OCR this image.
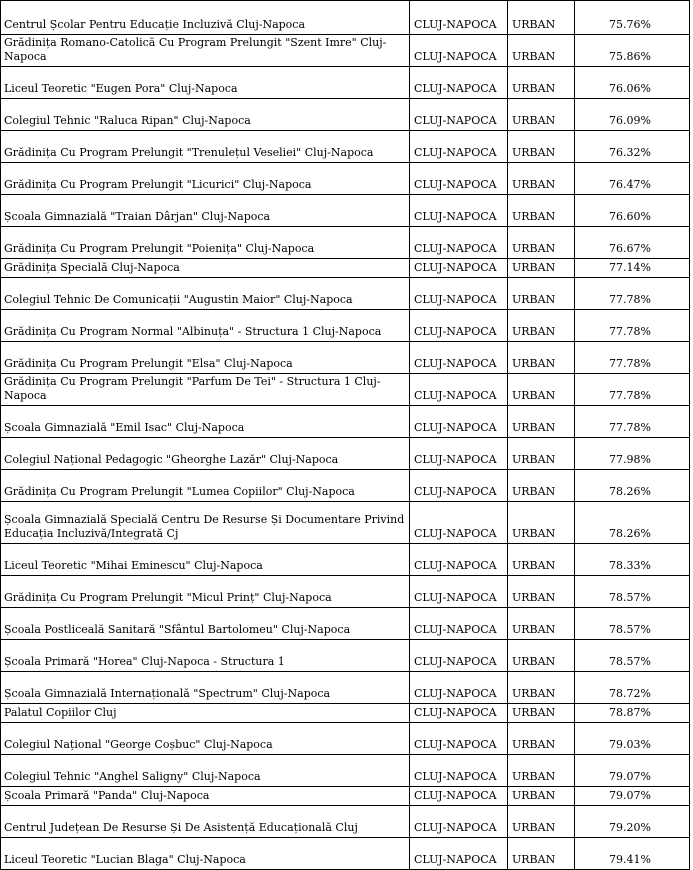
Centrul Școlar Pentru Educație Incluzivă Cluj-Napoca	CLUJ-NAPOCA	URBAN	75.76%
Grădinița Romano-Catolică Cu Program Prelungit "Szent Imre" Cluj-Napoca	CLUJ-NAPOCA	URBAN	75.86%
Liceul Teoretic "Eugen Pora" Cluj-Napoca	CLUJ-NAPOCA	URBAN	76.06%
Colegiul Tehnic "Raluca Ripan" Cluj-Napoca	CLUJ-NAPOCA	URBAN	76.09%
Grădinița Cu Program Prelungit "Trenulețul Veseliei" Cluj-Napoca	CLUJ-NAPOCA	URBAN	76.32%
Grădinița Cu Program Prelungit "Licurici" Cluj-Napoca	CLUJ-NAPOCA	URBAN	76.47%
Școala Gimnazială "Traian Dârjan" Cluj-Napoca	CLUJ-NAPOCA	URBAN	76.60%
Grădinița Cu Program Prelungit "Poienița" Cluj-Napoca	CLUJ-NAPOCA	URBAN	76.67%
Grădinița Specială Cluj-Napoca	CLUJ-NAPOCA	URBAN	77.14%
Colegiul Tehnic De Comunicații "Augustin Maior" Cluj-Napoca	CLUJ-NAPOCA	URBAN	77.78%
Grădinița Cu Program Normal "Albinuța" - Structura 1 Cluj-Napoca	CLUJ-NAPOCA	URBAN	77.78%
Grădinița Cu Program Prelungit "Elsa" Cluj-Napoca	CLUJ-NAPOCA	URBAN	77.78%
Grădinița Cu Program Prelungit "Parfum De Tei" - Structura 1 Cluj-Napoca	CLUJ-NAPOCA	URBAN	77.78%
Școala Gimnazială "Emil Isac" Cluj-Napoca	CLUJ-NAPOCA	URBAN	77.78%
Colegiul Național Pedagogic "Gheorghe Lazăr" Cluj-Napoca	CLUJ-NAPOCA	URBAN	77.98%
Grădinița Cu Program Prelungit "Lumea Copiilor" Cluj-Napoca	CLUJ-NAPOCA	URBAN	78.26%
Școala Gimnazială Specială Centru De Resurse Și Documentare Privind Educația Incluzivă/Integrată Cj	CLUJ-NAPOCA	URBAN	78.26%
Liceul Teoretic "Mihai Eminescu" Cluj-Napoca	CLUJ-NAPOCA	URBAN	78.33%
Grădinița Cu Program Prelungit "Micul Prinț" Cluj-Napoca	CLUJ-NAPOCA	URBAN	78.57%
Școala Postliceală Sanitară "Sfântul Bartolomeu" Cluj-Napoca	CLUJ-NAPOCA	URBAN	78.57%
Școala Primară "Horea" Cluj-Napoca - Structura 1	CLUJ-NAPOCA	URBAN	78.57%
Școala Gimnazială Internațională "Spectrum" Cluj-Napoca	CLUJ-NAPOCA	URBAN	78.72%
Palatul Copiilor Cluj	CLUJ-NAPOCA	URBAN	78.87%
Colegiul Național "George Coșbuc" Cluj-Napoca	CLUJ-NAPOCA	URBAN	79.03%
Colegiul Tehnic "Anghel Saligny" Cluj-Napoca	CLUJ-NAPOCA	URBAN	79.07%
Școala Primară "Panda" Cluj-Napoca	CLUJ-NAPOCA	URBAN	79.07%
Centrul Județean De Resurse Și De Asistență Educațională Cluj	CLUJ-NAPOCA	URBAN	79.20%
Liceul Teoretic "Lucian Blaga" Cluj-Napoca	CLUJ-NAPOCA	URBAN	79.41%
